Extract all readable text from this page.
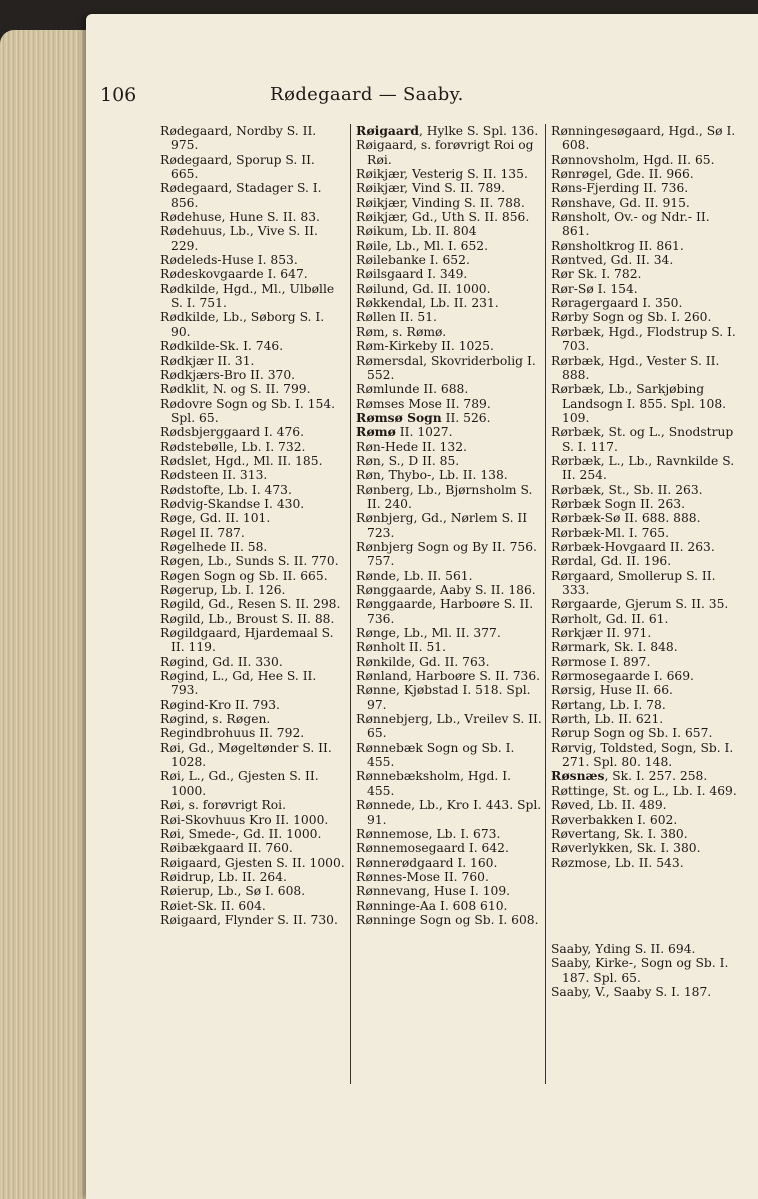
106	Rødegaard — Saaby.

Rødegaard, Nordby S. II. 975.

Rødegaard, Sporup S. II. 665.

Rødegaard, Stadager S. I. 856.

Rødehuse, Hune S. II. 83.

Rødehuus, Lb., Vive S. II. 229.

Rødeleds-Huse I. 853.

Rødeskovgaarde I. 647.

Rødkilde, Hgd., Ml., Ulbølle S. I. 751.

Rødkilde, Lb., Søborg S. I. 90.

Rødkilde-Sk. I. 746.

Rødkjær II. 31.

Rødkjærs-Bro II. 370.

Rødklit, N. og S. II. 799.

Rødovre Sogn og Sb. I. 154. Spl. 65.

Rødsbjerggaard I. 476.

Rødstebølle, Lb. I. 732.

Rødslet, Hgd., Ml. II. 185.

Rødsteen II. 313.

Rødstofte, Lb. I. 473.

Rødvig-Skandse I. 430.

Røge, Gd. II. 101.

Røgel II. 787.

Røgelhede II. 58.

Røgen, Lb., Sunds S. II. 770.

Røgen Sogn og Sb. II. 665.

Røgerup, Lb. I. 126.

Røgild, Gd., Resen S. II. 298.

Røgild, Lb., Broust S. II. 88.

Røgildgaard, Hjardemaal S. II. 119.

Røgind, Gd. II. 330.

Røgind, L., Gd, Hee S. II. 793.

Røgind-Kro II. 793.

Røgind, s. Røgen.

Regindbrohuus II. 792.

Røi, Gd., Møgeltønder S. II. 1028.

Røi, L., Gd., Gjesten S. II. 1000.

Røi, s. forøvrigt Roi.

Røi-Skovhuus Kro II. 1000.

Røi, Smede-, Gd. II. 1000.

Røibækgaard II. 760.

Røigaard, Gjesten S. II. 1000.

Røidrup, Lb. II. 264.

Røierup, Lb., Sø I. 608.

Røiet-Sk. II. 604.

Røigaard, Flynder S. II. 730.

Røigaard, Hylke S. Spl. 136.

Røigaard, s. forøvrigt Roi og Røi.

Røikjær, Vesterig S. II. 135.

Røikjær, Vind S. II. 789.

Røikjær, Vinding S. II. 788.

Røikjær, Gd., Uth S. II. 856.

Røikum, Lb. II. 804

Røile, Lb., Ml. I. 652.

Røilebanke I. 652.

Røilsgaard I. 349.

Røilund, Gd. II. 1000.

Røkkendal, Lb. II. 231.

Røllen II. 51.

Røm, s. Rømø.

Røm-Kirkeby II. 1025.

Rømersdal, Skovriderbolig I. 552.

Rømlunde II. 688.

Rømses Mose II. 789.

Rømsø Sogn II. 526.

Rømø II. 1027.

Røn-Hede II. 132.

Røn, S., D II. 85.

Røn, Thybo-, Lb. II. 138.

Rønberg, Lb., Bjørnsholm S. II. 240.

Rønbjerg, Gd., Nørlem S. II 723.

Rønbjerg Sogn og By II. 756. 757.

Rønde, Lb. II. 561.

Rønggaarde, Aaby S. II. 186.

Rønggaarde, Harboøre S. II. 736.

Rønge, Lb., Ml. II. 377.

Rønholt II. 51.

Rønkilde, Gd. II. 763.

Rønland, Harboøre S. II. 736.

Rønne, Kjøbstad I. 518. Spl. 97.

Rønnebjerg, Lb., Vreilev S. II. 65.

Rønnebæk Sogn og Sb. I. 455.

Rønnebæksholm, Hgd. I. 455.

Rønnede, Lb., Kro I. 443. Spl. 91.

Rønnemose, Lb. I. 673.

Rønnemosegaard I. 642.

Rønnerødgaard I. 160.

Rønnes-Mose II. 760.

Rønnevang, Huse I. 109.

Rønninge-Aa I. 608 610.

Rønninge Sogn og Sb. I. 608.

Rønningesøgaard, Hgd., Sø I. 608.

Rønnovsholm, Hgd. II. 65.

Rønrøgel, Gde. II. 966.

Røns-Fjerding II. 736.

Rønshave, Gd. II. 915.

Rønsholt, Ov.- og Ndr.- II. 861.

Rønsholtkrog II. 861.

Røntved, Gd. II. 34.

Rør Sk. I. 782.

Rør-Sø I. 154.

Røragergaard I. 350.

Rørby Sogn og Sb. I. 260.

Rørbæk, Hgd., Flodstrup S. I. 703.

Rørbæk, Hgd., Vester S. II. 888.

Rørbæk, Lb., Sarkjøbing Landsogn I. 855. Spl. 108. 109.

Rørbæk, St. og L., Snodstrup S. I. 117.

Rørbæk, L., Lb., Ravnkilde S. II. 254.

Rørbæk, St., Sb. II. 263.

Rørbæk Sogn II. 263.

Rørbæk-Sø II. 688. 888.

Rørbæk-Ml. I. 765.

Rørbæk-Hovgaard II. 263.

Rørdal, Gd. II. 196.

Rørgaard, Smollerup S. II. 333.

Rørgaarde, Gjerum S. II. 35.

Rørholt, Gd. II. 61.

Rørkjær II. 971.

Rørmark, Sk. I. 848.

Rørmose I. 897.

Rørmosegaarde I. 669.

Rørsig, Huse II. 66.

Rørtang, Lb. I. 78.

Rørth, Lb. II. 621.

Rørup Sogn og Sb. I. 657.

Rørvig, Toldsted, Sogn, Sb. I. 271. Spl. 80. 148.

Røsnæs, Sk. I. 257. 258.

Røttinge, St. og L., Lb. I. 469.

Røved, Lb. II. 489.

Røverbakken I. 602.

Røvertang, Sk. I. 380.

Røverlykken, Sk. I. 380.

Røzmose, Lb. II. 543.

Saaby, Yding S. II. 694.

Saaby, Kirke-, Sogn og Sb. I. 187. Spl. 65.

Saaby, V., Saaby S. I. 187.
